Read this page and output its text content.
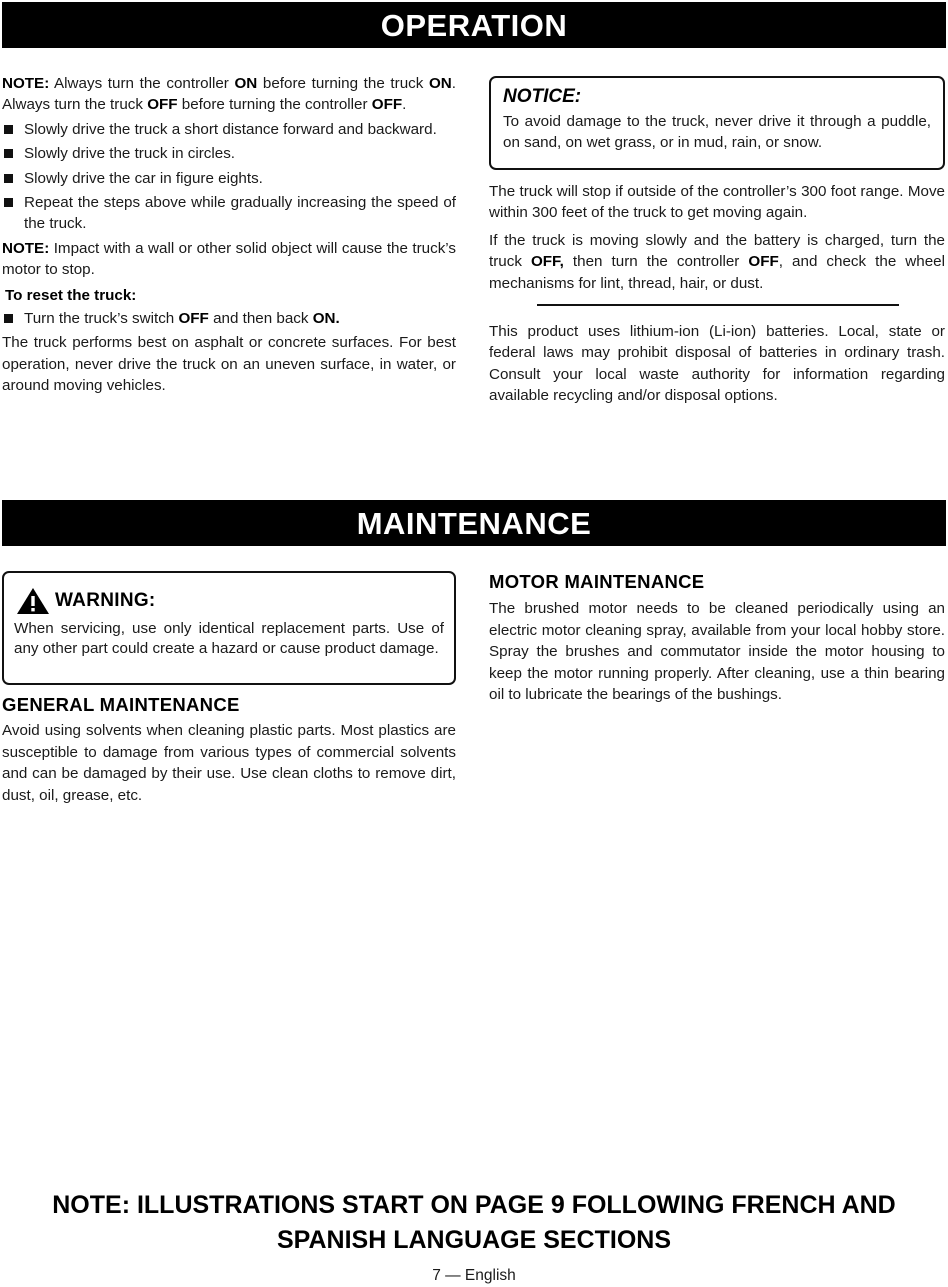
OPERATION

NOTE: Always turn the controller ON before turning the truck ON. Always turn the truck OFF before turning the controller OFF.

Slowly drive the truck a short distance forward and backward.
Slowly drive the truck in circles.
Slowly drive the car in figure eights.
Repeat the steps above while gradually increasing the speed of the truck.

NOTE: Impact with a wall or other solid object will cause the truck’s motor to stop.

To reset the truck:
Turn the truck’s switch OFF and then back ON.

The truck performs best on asphalt or concrete surfaces. For best operation, never drive the truck on an uneven surface, in water, or around moving vehicles.

NOTICE:
To avoid damage to the truck, never drive it through a puddle, on sand, on wet grass, or in mud, rain, or snow.

The truck will stop if outside of the controller’s 300 foot range. Move within 300 feet of the truck to get moving again.

If the truck is moving slowly and the battery is charged, turn the truck OFF, then turn the controller OFF, and check the wheel mechanisms for lint, thread, hair, or dust.

This product uses lithium-ion (Li-ion) batteries. Local, state or federal laws may prohibit disposal of batteries in ordinary trash. Consult your local waste authority for information regarding available recycling and/or disposal options.

MAINTENANCE
WARNING:
When servicing, use only identical replacement parts. Use of any other part could create a hazard or cause product damage.
GENERAL MAINTENANCE

Avoid using solvents when cleaning plastic parts. Most plastics are susceptible to damage from various types of commercial solvents and can be damaged by their use. Use clean cloths to remove dirt, dust, oil, grease, etc.

MOTOR MAINTENANCE

The brushed motor needs to be cleaned periodically using an electric motor cleaning spray, available from your local hobby store. Spray the brushes and commutator inside the motor housing to keep the motor running properly. After cleaning, use a thin bearing oil to lubricate the bearings of the bushings.

NOTE: ILLUSTRATIONS START ON PAGE 9 FOLLOWING FRENCH AND
SPANISH LANGUAGE SECTIONS
7 — English
